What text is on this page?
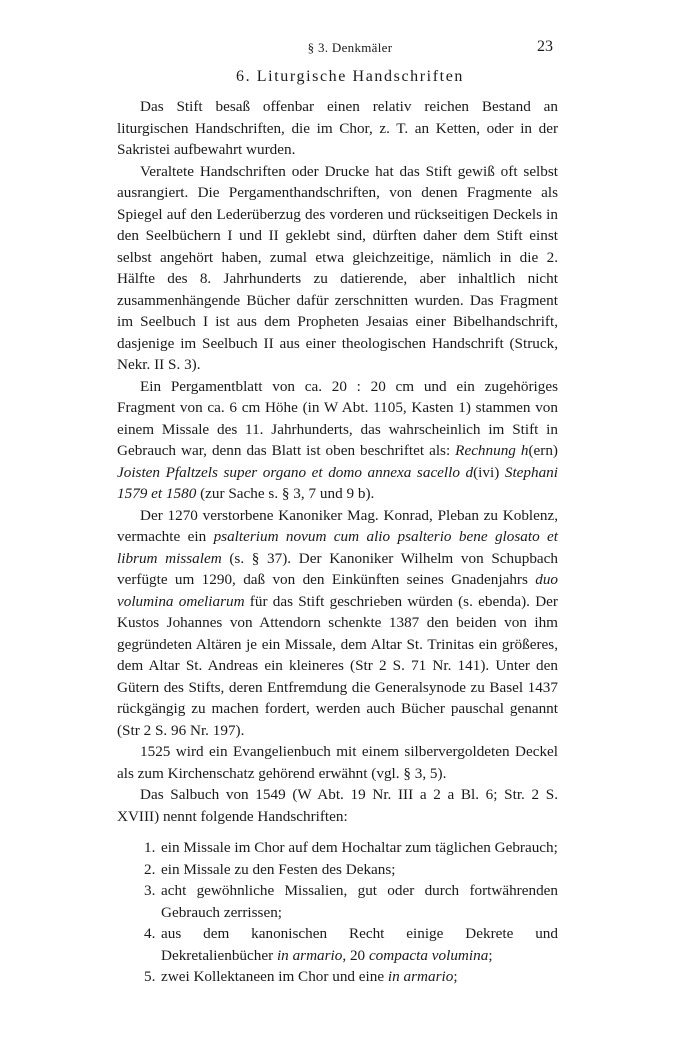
§ 3. Denkmäler	23
6. Liturgische Handschriften

Das Stift besaß offenbar einen relativ reichen Bestand an liturgischen Handschriften, die im Chor, z. T. an Ketten, oder in der Sakristei aufbewahrt wurden.

Veraltete Handschriften oder Drucke hat das Stift gewiß oft selbst ausrangiert. Die Pergamenthandschriften, von denen Fragmente als Spiegel auf den Lederüberzug des vorderen und rückseitigen Deckels in den Seelbüchern I und II geklebt sind, dürften daher dem Stift einst selbst angehört haben, zumal etwa gleichzeitige, nämlich in die 2. Hälfte des 8. Jahrhunderts zu datierende, aber inhaltlich nicht zusammenhängende Bücher dafür zerschnitten wurden. Das Fragment im Seelbuch I ist aus dem Propheten Jesaias einer Bibelhandschrift, dasjenige im Seelbuch II aus einer theologischen Handschrift (Struck, Nekr. II S. 3).

Ein Pergamentblatt von ca. 20 : 20 cm und ein zugehöriges Fragment von ca. 6 cm Höhe (in W Abt. 1105, Kasten 1) stammen von einem Missale des 11. Jahrhunderts, das wahrscheinlich im Stift in Gebrauch war, denn das Blatt ist oben beschriftet als: Rechnung h(ern) Joisten Pfaltzels super organo et domo annexa sacello d(ivi) Stephani 1579 et 1580 (zur Sache s. § 3, 7 und 9 b).

Der 1270 verstorbene Kanoniker Mag. Konrad, Pleban zu Koblenz, vermachte ein psalterium novum cum alio psalterio bene glosato et librum missalem (s. § 37). Der Kanoniker Wilhelm von Schupbach verfügte um 1290, daß von den Einkünften seines Gnadenjahrs duo volumina omeliarum für das Stift geschrieben würden (s. ebenda). Der Kustos Johannes von Attendorn schenkte 1387 den beiden von ihm gegründeten Altären je ein Missale, dem Altar St. Trinitas ein größeres, dem Altar St. Andreas ein kleineres (Str 2 S. 71 Nr. 141). Unter den Gütern des Stifts, deren Entfremdung die Generalsynode zu Basel 1437 rückgängig zu machen fordert, werden auch Bücher pauschal genannt (Str 2 S. 96 Nr. 197).

1525 wird ein Evangelienbuch mit einem silbervergoldeten Deckel als zum Kirchenschatz gehörend erwähnt (vgl. § 3, 5).

Das Salbuch von 1549 (W Abt. 19 Nr. III a 2 a Bl. 6; Str. 2 S. XVIII) nennt folgende Handschriften:

1. ein Missale im Chor auf dem Hochaltar zum täglichen Gebrauch;
2. ein Missale zu den Festen des Dekans;
3. acht gewöhnliche Missalien, gut oder durch fortwährenden Gebrauch zerrissen;
4. aus dem kanonischen Recht einige Dekrete und Dekretalienbücher in armario, 20 compacta volumina;
5. zwei Kollektaneen im Chor und eine in armario;
